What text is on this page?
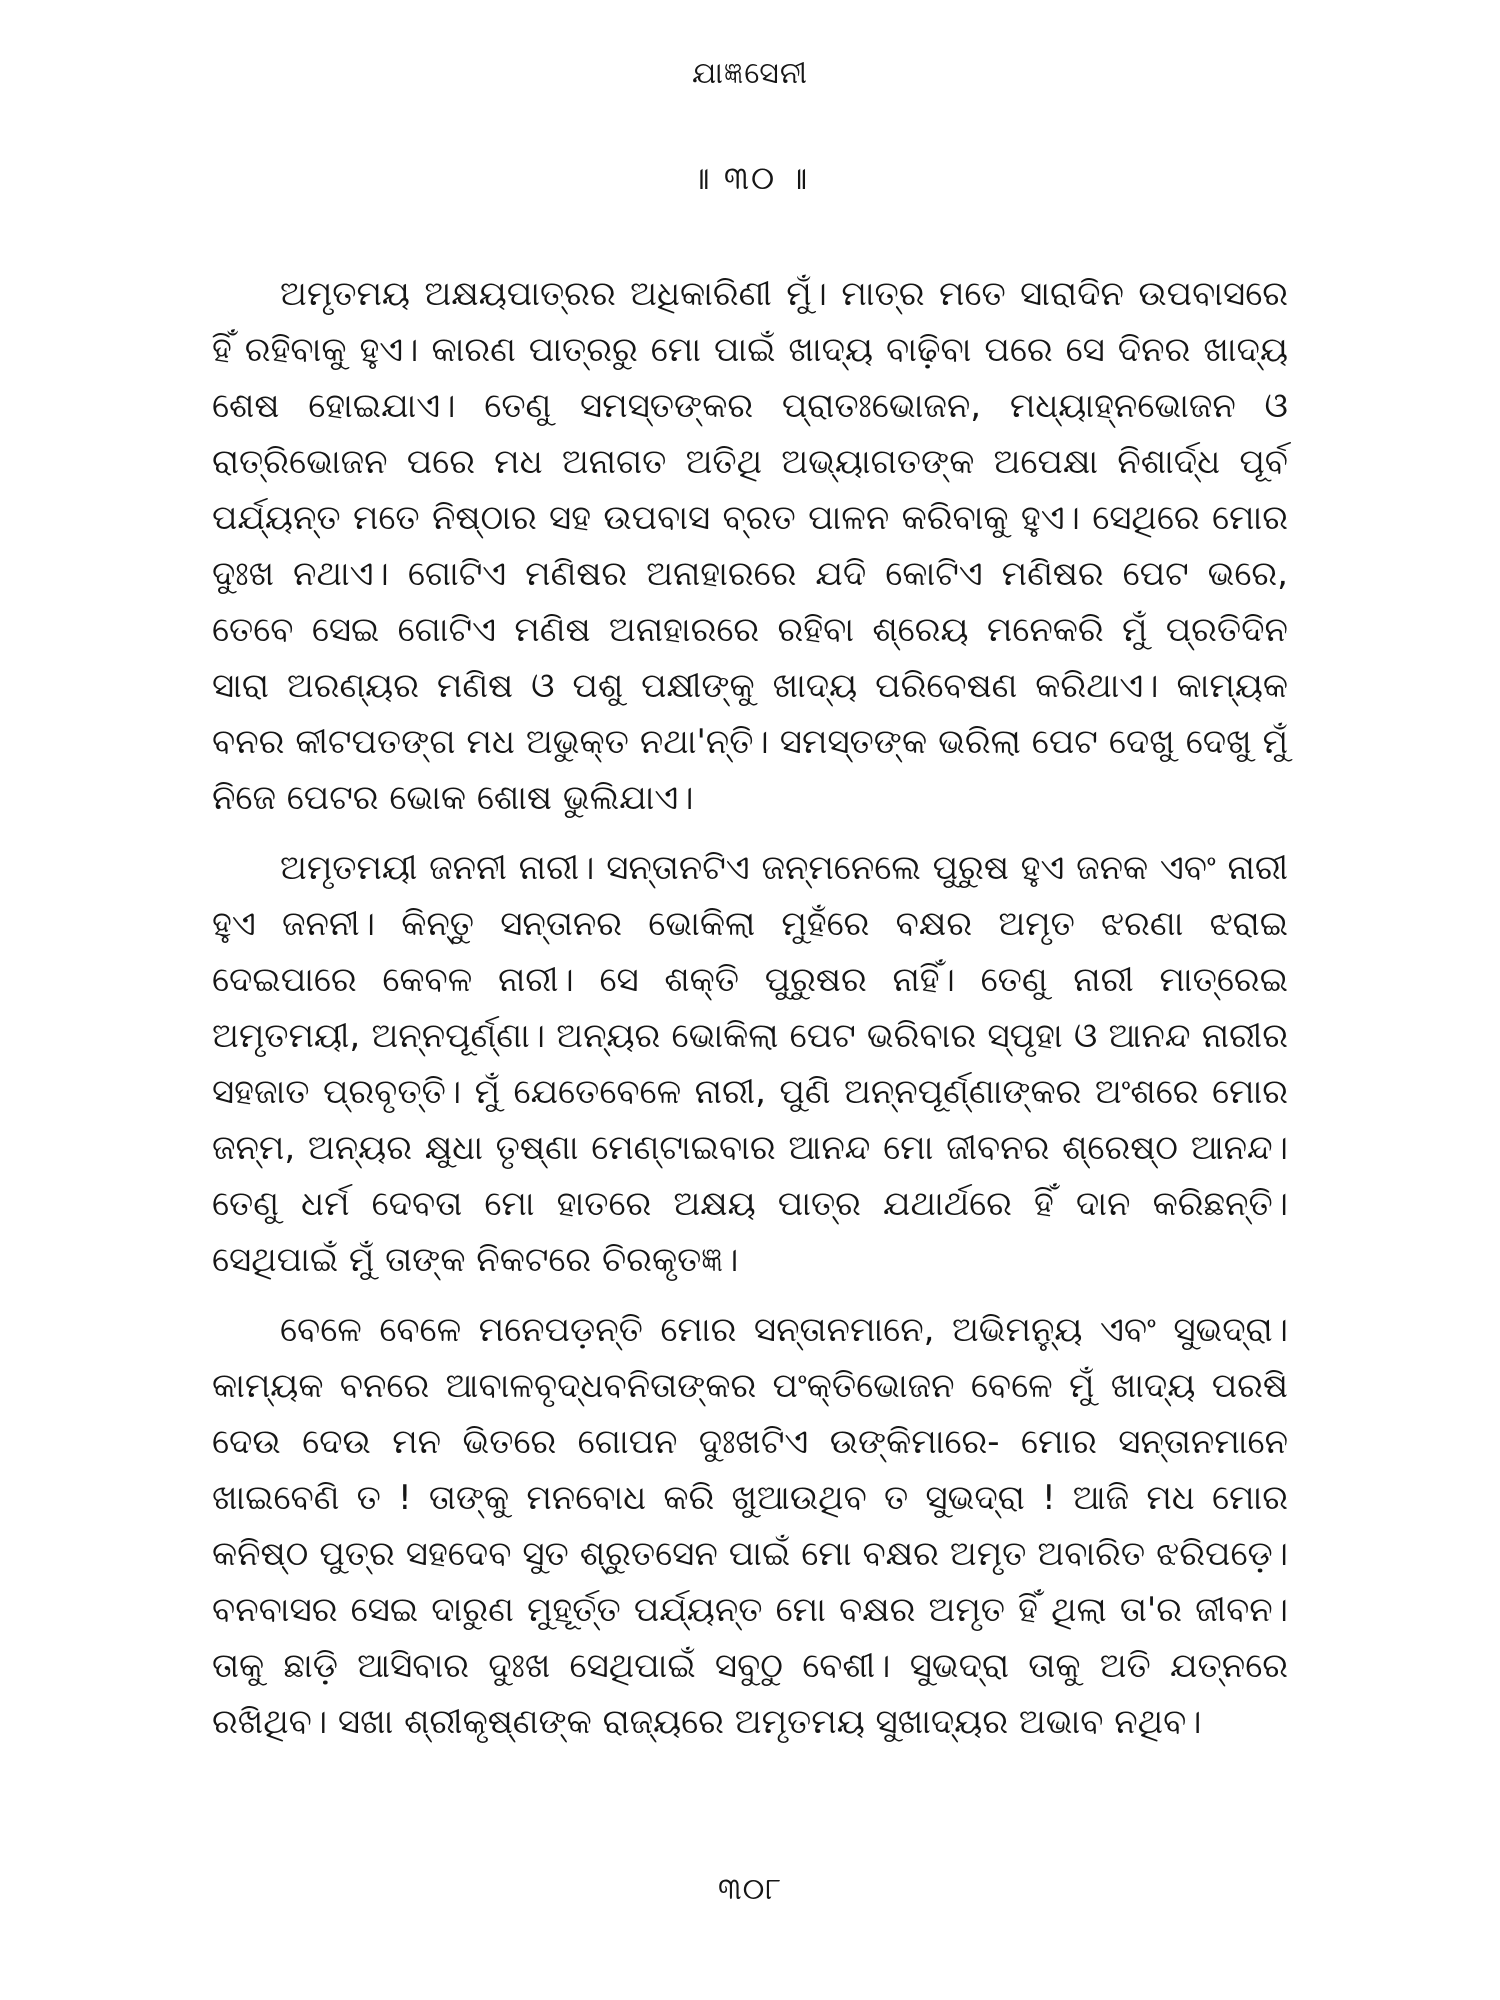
ଯାଜ୍ଞସେନୀ
॥ ୩୦ ॥

ଅମୃତମୟ ଅକ୍ଷୟପାତ୍ରର ଅଧିକାରିଣୀ ମୁଁ। ମାତ୍ର ମତେ ସାରାଦିନ ଉପବାସରେ ହିଁ ରହିବାକୁ ହୁଏ। କାରଣ ପାତ୍ରରୁ ମୋ ପାଇଁ ଖାଦ୍ୟ ବାଢ଼ିବା ପରେ ସେ ଦିନର ଖାଦ୍ୟ ଶେଷ ହୋଇଯାଏ। ତେଣୁ ସମସ୍ତଙ୍କର ପ୍ରାତଃଭୋଜନ, ମଧ୍ୟାହ୍ନଭୋଜନ ଓ ରାତ୍ରିଭୋଜନ ପରେ ମଧ ଅନାଗତ ଅତିଥି ଅଭ୍ୟାଗତଙ୍କ ଅପେକ୍ଷା ନିଶାର୍ଦ୍ଧ ପୂର୍ବ ପର୍ଯ୍ୟନ୍ତ ମତେ ନିଷ୍ଠାର ସହ ଉପବାସ ବ୍ରତ ପାଳନ କରିବାକୁ ହୁଏ। ସେଥିରେ ମୋର ଦୁଃଖ ନଥାଏ। ଗୋଟିଏ ମଣିଷର ଅନାହାରରେ ଯଦି କୋଟିଏ ମଣିଷର ପେଟ ଭରେ, ତେବେ ସେଇ ଗୋଟିଏ ମଣିଷ ଅନାହାରରେ ରହିବା ଶ୍ରେୟ ମନେକରି ମୁଁ ପ୍ରତିଦିନ ସାରା ଅରଣ୍ୟର ମଣିଷ ଓ ପଶୁ ପକ୍ଷୀଙ୍କୁ ଖାଦ୍ୟ ପରିବେଷଣ କରିଥାଏ। କାମ୍ୟକ ବନର କୀଟପତଙ୍ଗ ମଧ ଅଭୁକ୍ତ ନଥା'ନ୍ତି। ସମସ୍ତଙ୍କ ଭରିଲା ପେଟ ଦେଖୁ ଦେଖୁ ମୁଁ ନିଜେ ପେଟର ଭୋକ ଶୋଷ ଭୁଲିଯାଏ।

ଅମୃତମୟୀ ଜନନୀ ନାରୀ। ସନ୍ତାନଟିଏ ଜନ୍ମନେଲେ ପୁରୁଷ ହୁଏ ଜନକ ଏବଂ ନାରୀ ହୁଏ ଜନନୀ। କିନ୍ତୁ ସନ୍ତାନର ଭୋକିଲା ମୁହଁରେ ବକ୍ଷର ଅମୃତ ଝରଣା ଝରାଇ ଦେଇପାରେ କେବଳ ନାରୀ। ସେ ଶକ୍ତି ପୁରୁଷର ନାହିଁ। ତେଣୁ ନାରୀ ମାତ୍ରେଇ ଅମୃତମୟୀ, ଅନ୍ନପୂର୍ଣ୍ଣା। ଅନ୍ୟର ଭୋକିଲା ପେଟ ଭରିବାର ସ୍ପୃହା ଓ ଆନନ୍ଦ ନାରୀର ସହଜାତ ପ୍ରବୃତ୍ତି। ମୁଁ ଯେତେବେଳେ ନାରୀ, ପୁଣି ଅନ୍ନପୂର୍ଣ୍ଣାଙ୍କର ଅଂଶରେ ମୋର ଜନ୍ମ, ଅନ୍ୟର କ୍ଷୁଧା ତୃଷ୍ଣା ମେଣ୍ଟାଇବାର ଆନନ୍ଦ ମୋ ଜୀବନର ଶ୍ରେଷ୍ଠ ଆନନ୍ଦ। ତେଣୁ ଧର୍ମ ଦେବତା ମୋ ହାତରେ ଅକ୍ଷୟ ପାତ୍ର ଯଥାର୍ଥରେ ହିଁ ଦାନ କରିଛନ୍ତି। ସେଥିପାଇଁ ମୁଁ ତାଙ୍କ ନିକଟରେ ଚିରକୃତଜ୍ଞ।

ବେଳେ ବେଳେ ମନେପଡ଼ନ୍ତି ମୋର ସନ୍ତାନମାନେ, ଅଭିମନ୍ୟୁ ଏବଂ ସୁଭଦ୍ରା। କାମ୍ୟକ ବନରେ ଆବାଳବୃଦ୍ଧବନିତାଙ୍କର ପଂକ୍ତିଭୋଜନ ବେଳେ ମୁଁ ଖାଦ୍ୟ ପରଷି ଦେଉ ଦେଉ ମନ ଭିତରେ ଗୋପନ ଦୁଃଖଟିଏ ଉଙ୍କିମାରେ- ମୋର ସନ୍ତାନମାନେ ଖାଇବେଣି ତ ! ତାଙ୍କୁ ମନବୋଧ କରି ଖୁଆଉଥିବ ତ ସୁଭଦ୍ରା ! ଆଜି ମଧ ମୋର କନିଷ୍ଠ ପୁତ୍ର ସହଦେବ ସୁତ ଶ୍ରୁତସେନ ପାଇଁ ମୋ ବକ୍ଷର ଅମୃତ ଅବାରିତ ଝରିପଡ଼େ। ବନବାସର ସେଇ ଦାରୁଣ ମୁହୂର୍ତ୍ତ ପର୍ଯ୍ୟନ୍ତ ମୋ ବକ୍ଷର ଅମୃତ ହିଁ ଥିଲା ତା'ର ଜୀବନ। ତାକୁ ଛାଡ଼ି ଆସିବାର ଦୁଃଖ ସେଥିପାଇଁ ସବୁଠୁ ବେଶୀ। ସୁଭଦ୍ରା ତାକୁ ଅତି ଯତ୍ନରେ ରଖିଥିବ। ସଖା ଶ୍ରୀକୃଷ୍ଣଙ୍କ ରାଜ୍ୟରେ ଅମୃତମୟ ସୁଖାଦ୍ୟର ଅଭାବ ନଥିବ।

୩୦୮
